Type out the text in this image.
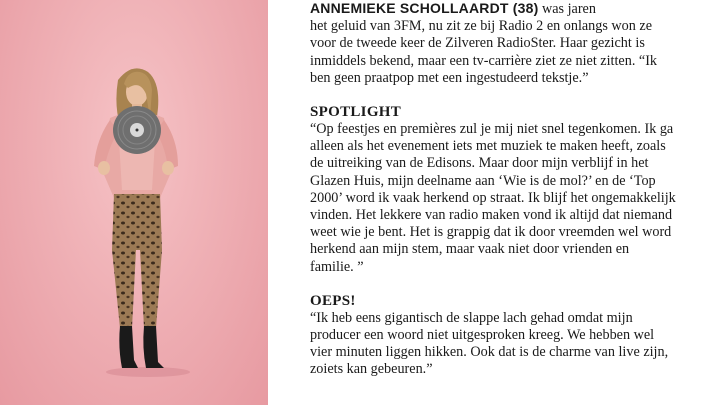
ANNEMIEKE SCHOLLAARDT (38) was jaren
het geluid van 3FM, nu zit ze bij Radio 2 en onlangs won ze
voor de tweede keer de Zilveren RadioSter. Haar gezicht is
inmiddels bekend, maar een tv-carrière ziet ze niet zitten. “Ik
ben geen praatpop met een ingestudeerd tekstje.”

SPOTLIGHT

“Op feestjes en premières zul je mij niet snel tegenkomen. Ik ga
alleen als het evenement iets met muziek te maken heeft, zoals
de uitreiking van de Edisons. Maar door mijn verblijf in het
Glazen Huis, mijn deelname aan ‘Wie is de mol?’ en de ‘Top
2000’ word ik vaak herkend op straat. Ik blijf het ongemakkelijk
vinden. Het lekkere van radio maken vond ik altijd dat niemand
weet wie je bent. Het is grappig dat ik door vreemden wel word
herkend aan mijn stem, maar vaak niet door vrienden en
familie. ”

OEPS!

“Ik heb eens gigantisch de slappe lach gehad omdat mijn
producer een woord niet uitgesproken kreeg. We hebben wel
vier minuten liggen hikken. Ook dat is de charme van live zijn,
zoiets kan gebeuren.”
